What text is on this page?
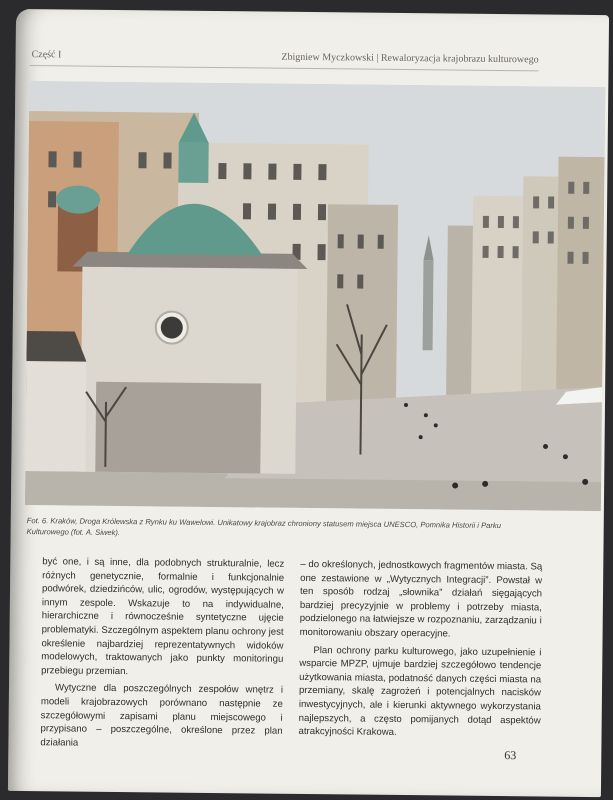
Część I	Zbigniew Myczkowski | Rewaloryzacja krajobrazu kulturowego
Fot. 6. Kraków, Droga Królewska z Rynku ku Wawelowi. Unikatowy krajobraz chroniony statusem miejsca UNESCO, Pomnika Historii i Parku Kulturowego (fot. A. Siwek).

być one, i są inne, dla podobnych strukturalnie, lecz różnych genetycznie, formalnie i funkcjonalnie podwórek, dziedzińców, ulic, ogrodów, występujących w innym zespole. Wskazuje to na indywidualne, hierarchiczne i równocześnie syntetyczne ujęcie problematyki. Szczególnym aspektem planu ochrony jest określenie najbardziej reprezentatywnych widoków modelowych, traktowanych jako punkty monitoringu przebiegu przemian.

Wytyczne dla poszczególnych zespołów wnętrz i modeli krajobrazowych porównano następnie ze szczegółowymi zapisami planu miejscowego i przypisano – poszczególne, określone przez plan działania

– do określonych, jednostkowych fragmentów miasta. Są one zestawione w „Wytycznych Integracji”. Powstał w ten sposób rodzaj „słownika” działań sięgających bardziej precyzyjnie w problemy i potrzeby miasta, podzielonego na łatwiejsze w rozpoznaniu, zarządzaniu i monitorowaniu obszary operacyjne.

Plan ochrony parku kulturowego, jako uzupełnienie i wsparcie MPZP, ujmuje bardziej szczegółowo tendencje użytkowania miasta, podatność danych części miasta na przemiany, skalę zagrożeń i potencjalnych nacisków inwestycyjnych, ale i kierunki aktywnego wykorzystania najlepszych, a często pomijanych dotąd aspektów atrakcyjności Krakowa.

63
